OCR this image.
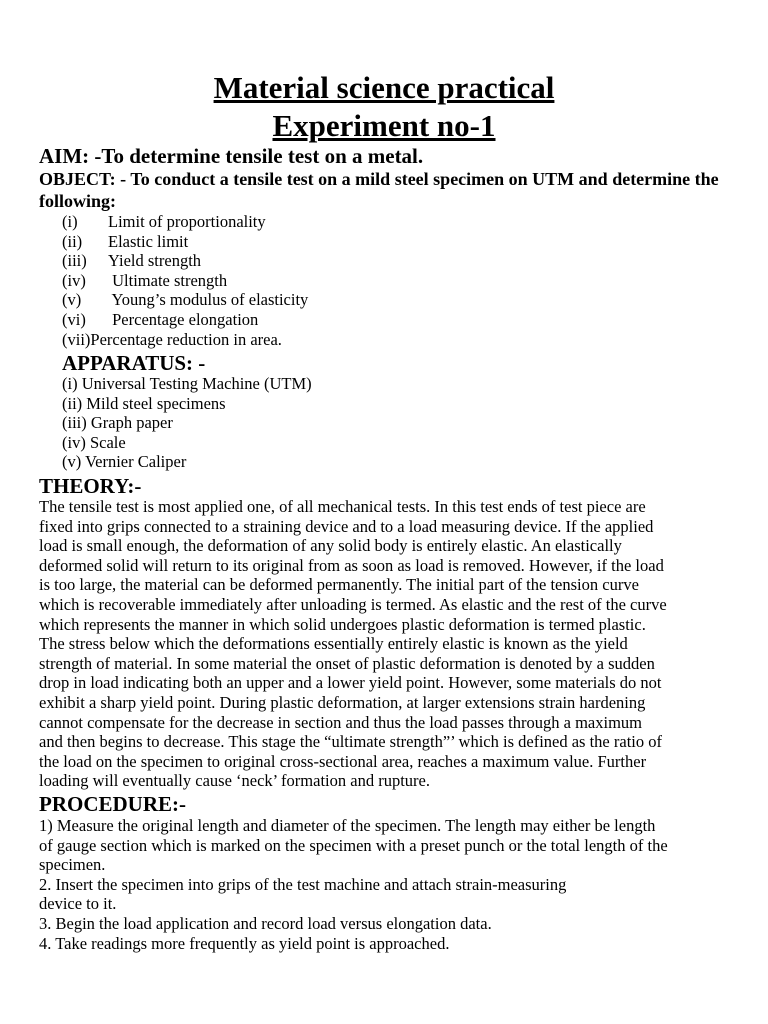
Material science practical
Experiment no-1
AIM: -To determine tensile test on a metal.
OBJECT: - To conduct a tensile test on a mild steel specimen on UTM and determine the following:
(i) Limit of proportionality
(ii) Elastic limit
(iii) Yield strength
(iv) Ultimate strength
(v) Young’s modulus of elasticity
(vi) Percentage elongation
(vii)Percentage reduction in area.
APPARATUS: -
(i) Universal Testing Machine (UTM)
(ii) Mild steel specimens
(iii) Graph paper
(iv) Scale
(v) Vernier Caliper
THEORY:-
The tensile test is most applied one, of all mechanical tests. In this test ends of test piece are
fixed into grips connected to a straining device and to a load measuring device. If the applied
load is small enough, the deformation of any solid body is entirely elastic. An elastically
deformed solid will return to its original from as soon as load is removed. However, if the load
is too large, the material can be deformed permanently. The initial part of the tension curve
which is recoverable immediately after unloading is termed. As elastic and the rest of the curve
which represents the manner in which solid undergoes plastic deformation is termed plastic.
The stress below which the deformations essentially entirely elastic is known as the yield
strength of material. In some material the onset of plastic deformation is denoted by a sudden
drop in load indicating both an upper and a lower yield point. However, some materials do not
exhibit a sharp yield point. During plastic deformation, at larger extensions strain hardening
cannot compensate for the decrease in section and thus the load passes through a maximum
and then begins to decrease. This stage the “ultimate strength”’ which is defined as the ratio of
the load on the specimen to original cross-sectional area, reaches a maximum value. Further
loading will eventually cause ‘neck’ formation and rupture.
PROCEDURE:-
1) Measure the original length and diameter of the specimen. The length may either be length
of gauge section which is marked on the specimen with a preset punch or the total length of the
specimen.
2. Insert the specimen into grips of the test machine and attach strain-measuring
device to it.
3. Begin the load application and record load versus elongation data.
4. Take readings more frequently as yield point is approached.
